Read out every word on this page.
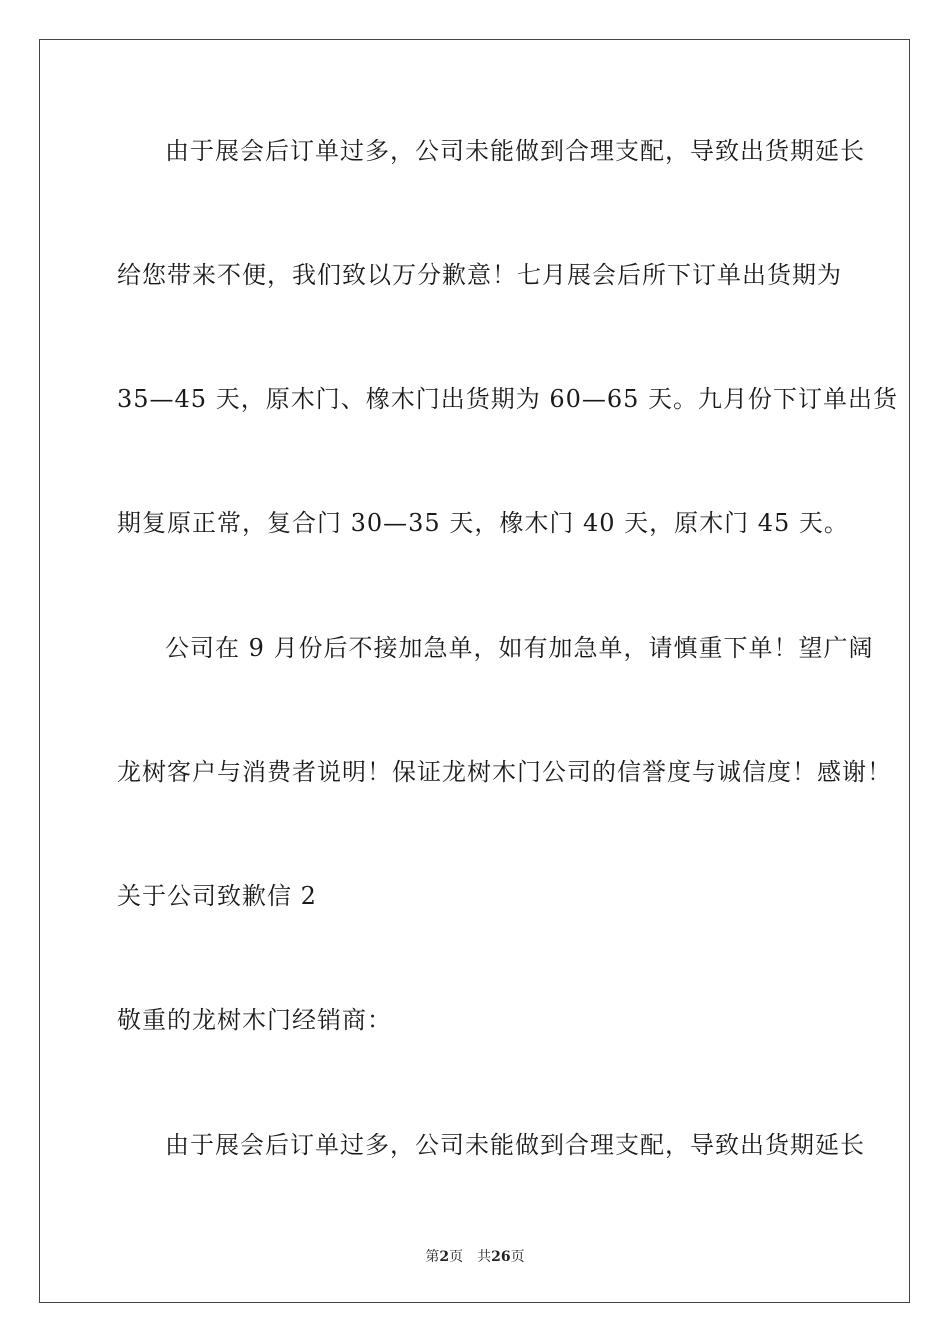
由于展会后订单过多，公司未能做到合理支配，导致出货期延长
给您带来不便，我们致以万分歉意！七月展会后所下订单出货期为
35—45 天，原木门、橡木门出货期为 60—65 天。九月份下订单出货
期复原正常，复合门 30—35 天，橡木门 40 天，原木门 45 天。
公司在 9 月份后不接加急单，如有加急单，请慎重下单！望广阔
龙树客户与消费者说明！保证龙树木门公司的信誉度与诚信度！感谢！
关于公司致歉信 2
敬重的龙树木门经销商：
由于展会后订单过多，公司未能做到合理支配，导致出货期延长
第2页 共26页
